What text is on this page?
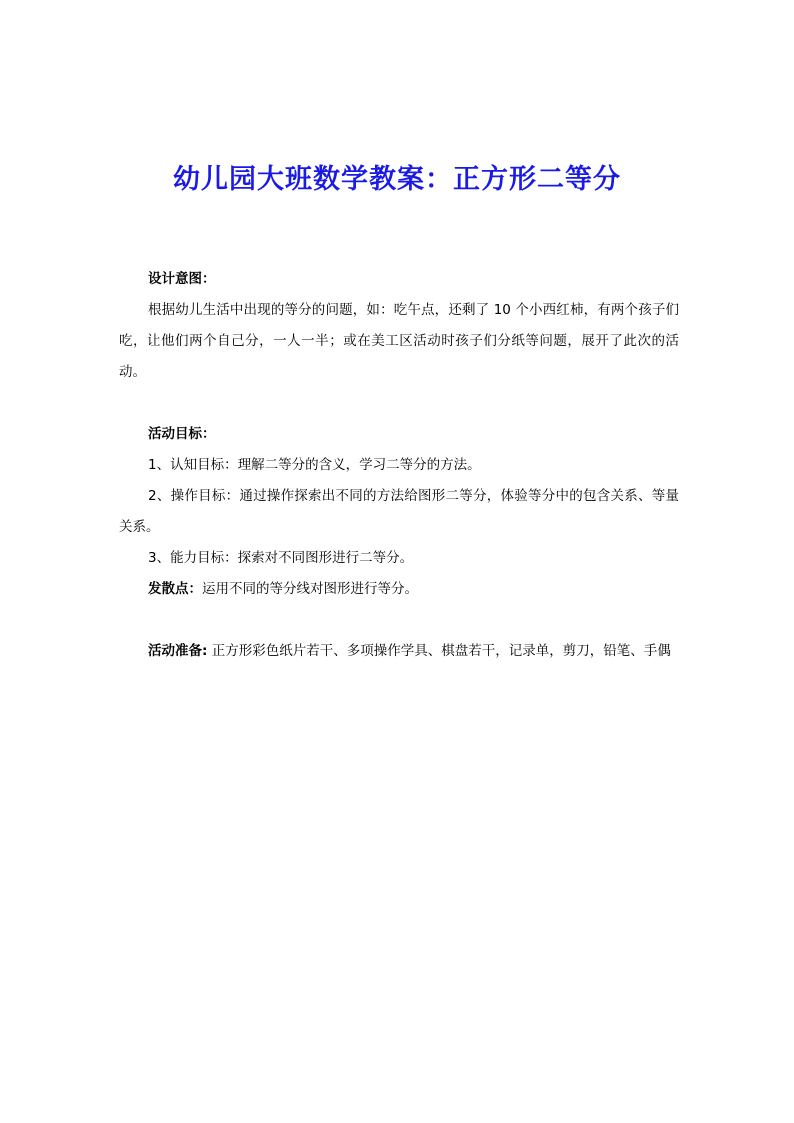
幼儿园大班数学教案：正方形二等分

设计意图：

根据幼儿生活中出现的等分的问题，如：吃午点，还剩了 10 个小西红柿，有两个孩子们吃，让他们两个自己分，一人一半；或在美工区活动时孩子们分纸等问题，展开了此次的活动。

活动目标：

1、认知目标：理解二等分的含义，学习二等分的方法。

2、操作目标：通过操作探索出不同的方法给图形二等分，体验等分中的包含关系、等量关系。

3、能力目标：探索对不同图形进行二等分。

发散点：运用不同的等分线对图形进行等分。

活动准备: 正方形彩色纸片若干、多项操作学具、棋盘若干，记录单，剪刀，铅笔、手偶
